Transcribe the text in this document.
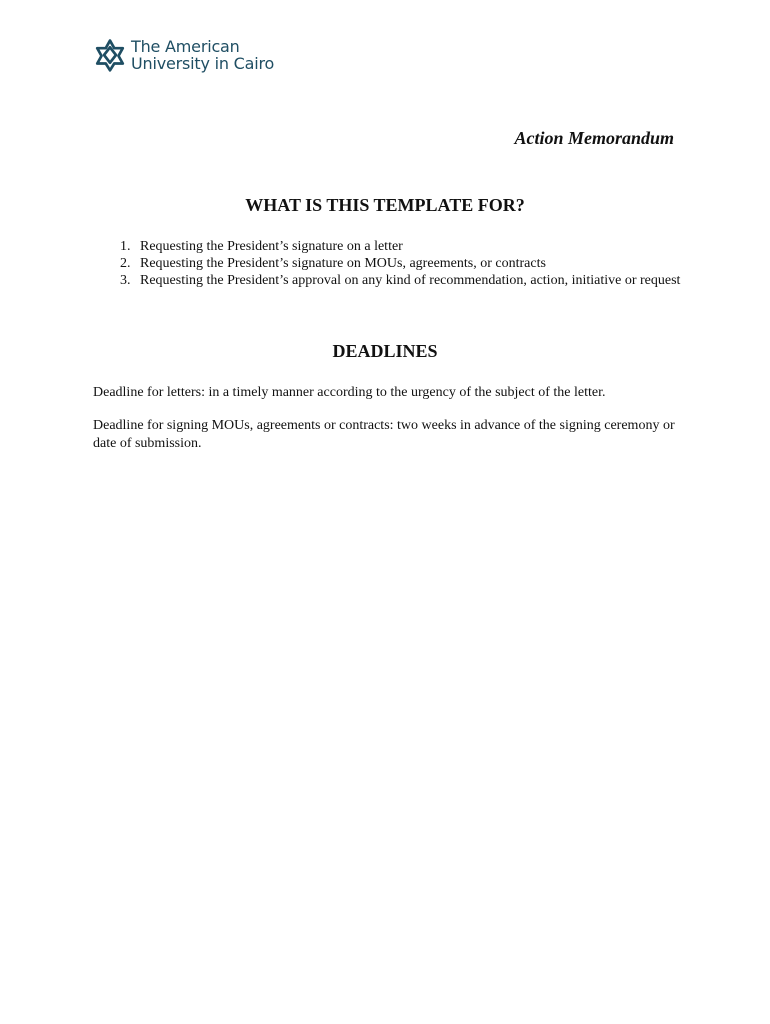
The American
University in Cairo

Action Memorandum

WHAT IS THIS TEMPLATE FOR?
1. Requesting the President’s signature on a letter
2. Requesting the President’s signature on MOUs, agreements, or contracts
3. Requesting the President’s approval on any kind of recommendation, action, initiative or request
DEADLINES

Deadline for letters: in a timely manner according to the urgency of the subject of the letter.

Deadline for signing MOUs, agreements or contracts: two weeks in advance of the signing ceremony or date of submission.
